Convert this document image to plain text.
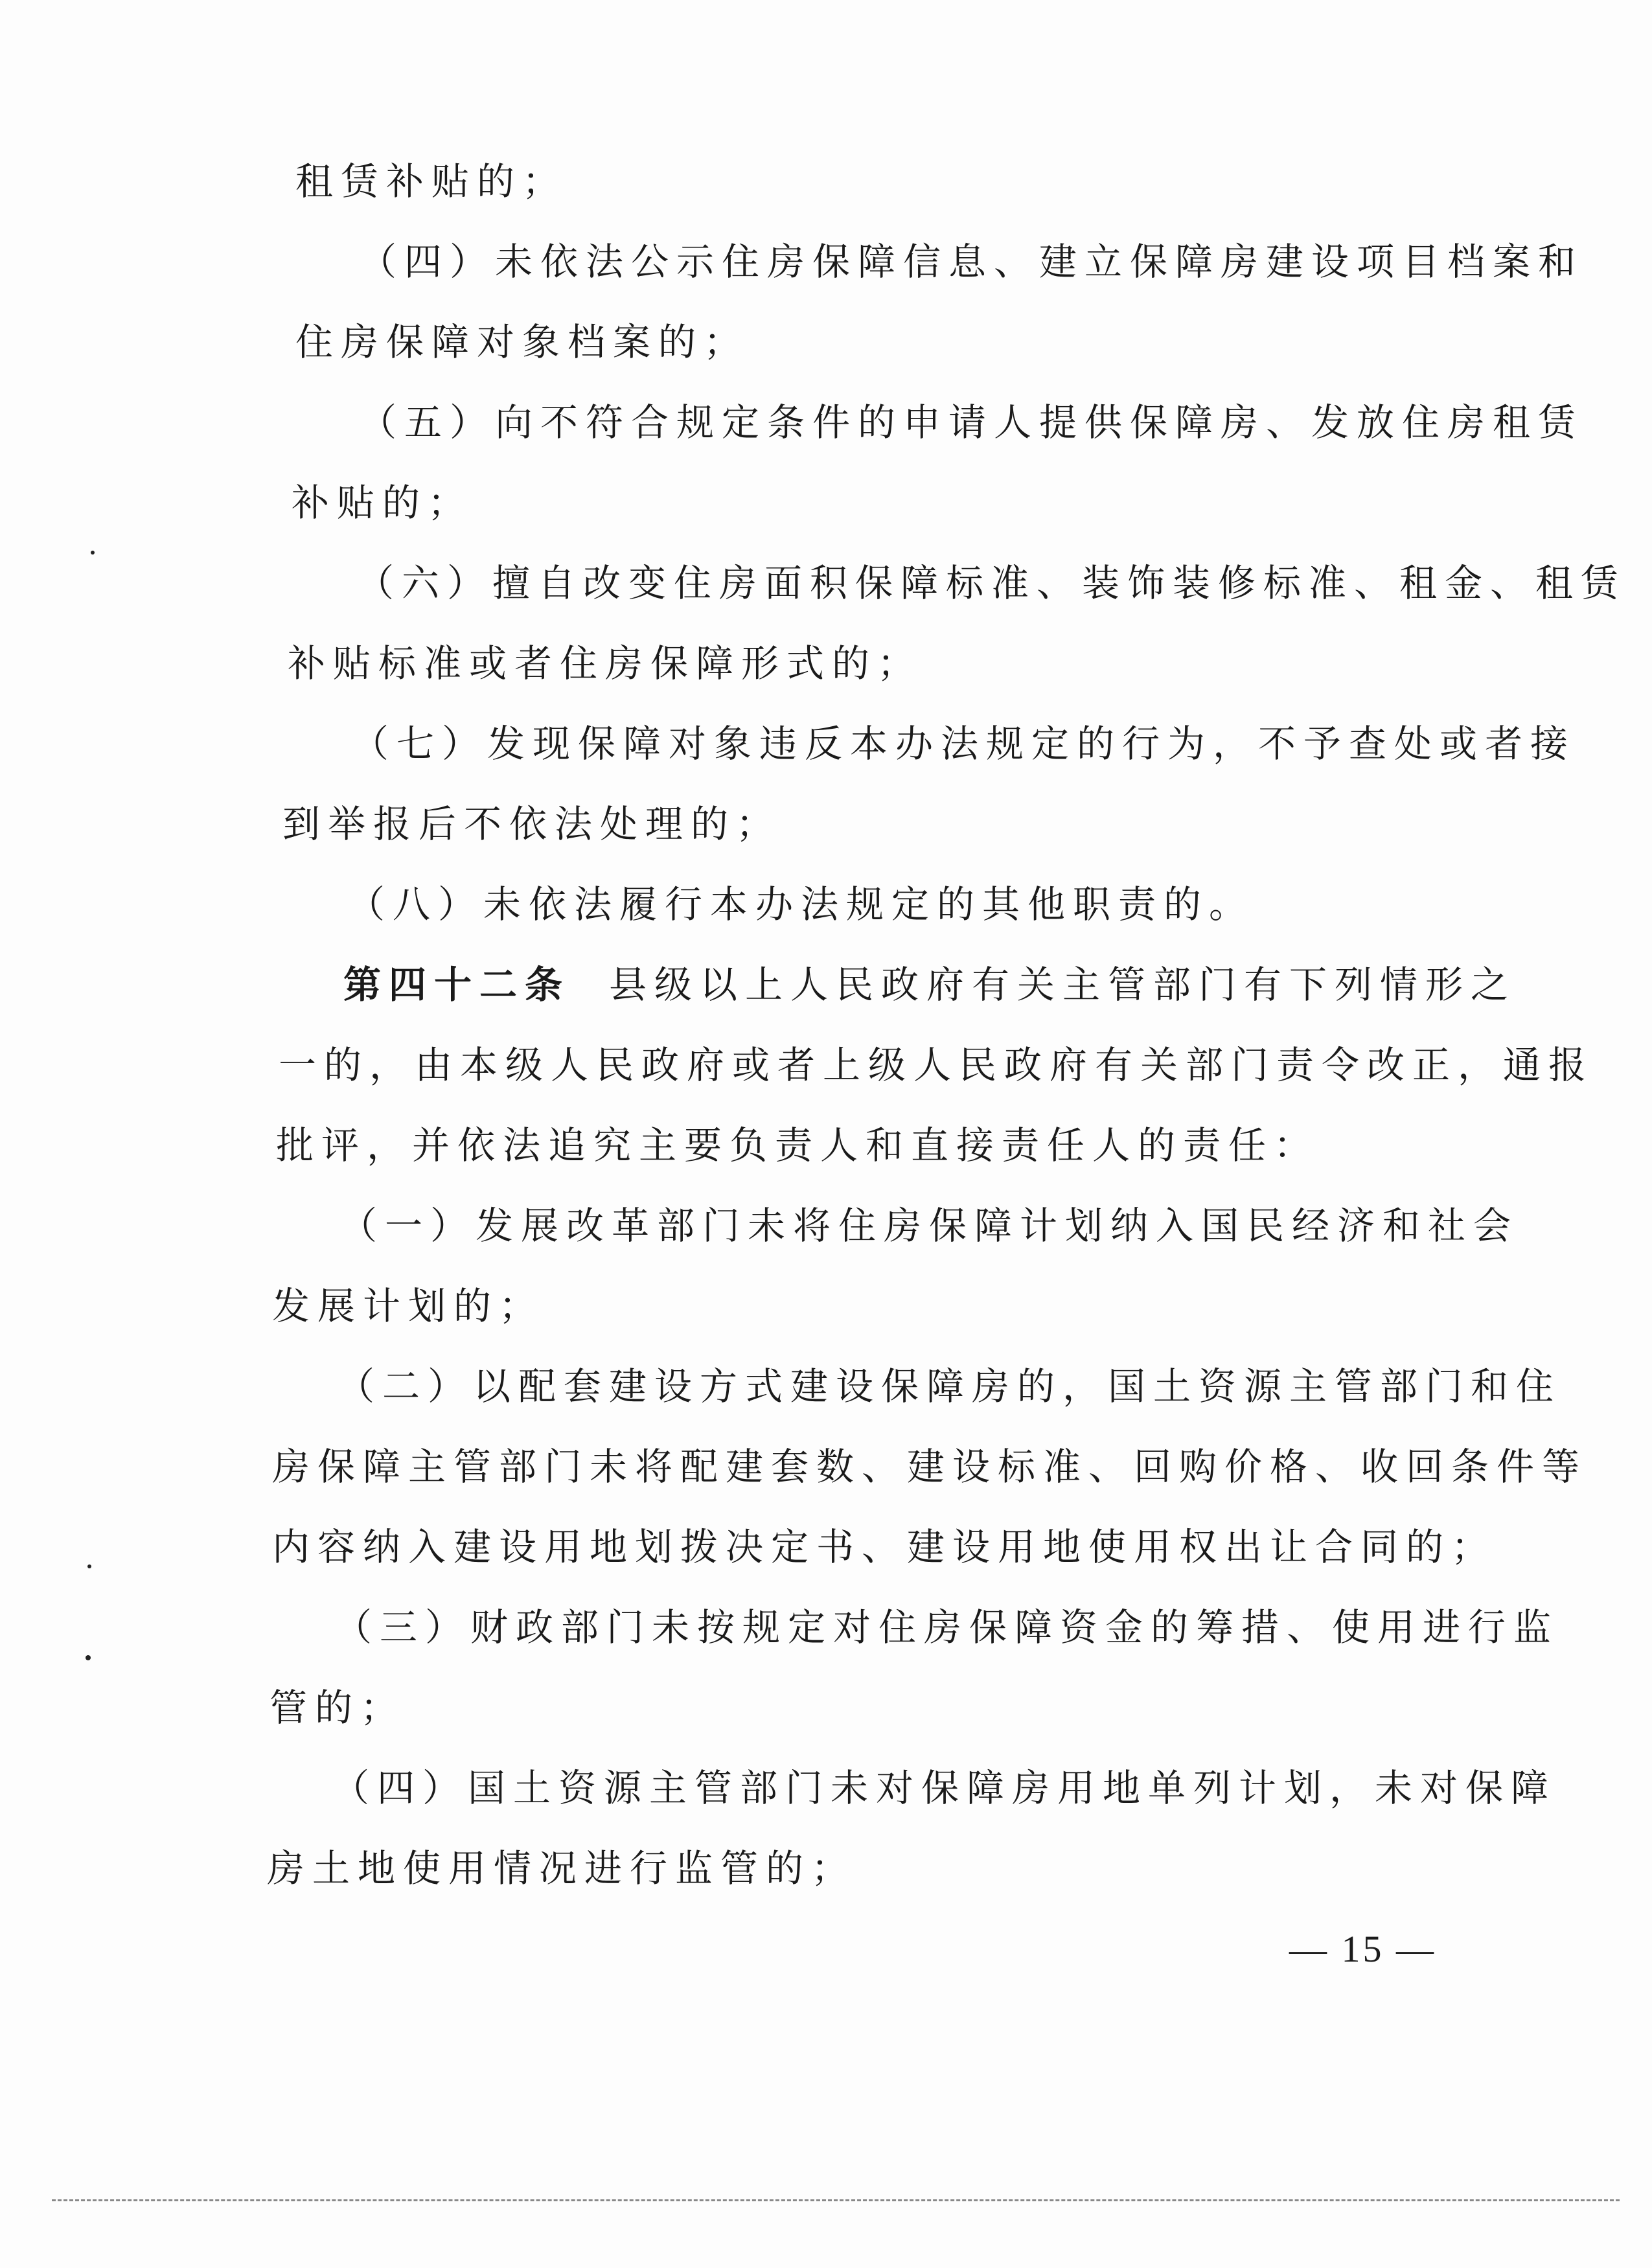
租赁补贴的；
（四）未依法公示住房保障信息、建立保障房建设项目档案和
住房保障对象档案的；
（五）向不符合规定条件的申请人提供保障房、发放住房租赁
补贴的；
（六）擅自改变住房面积保障标准、装饰装修标准、租金、租赁
补贴标准或者住房保障形式的；
（七）发现保障对象违反本办法规定的行为，不予查处或者接
到举报后不依法处理的；
（八）未依法履行本办法规定的其他职责的。
第四十二条 县级以上人民政府有关主管部门有下列情形之
一的，由本级人民政府或者上级人民政府有关部门责令改正，通报
批评，并依法追究主要负责人和直接责任人的责任：
（一）发展改革部门未将住房保障计划纳入国民经济和社会
发展计划的；
（二）以配套建设方式建设保障房的，国土资源主管部门和住
房保障主管部门未将配建套数、建设标准、回购价格、收回条件等
内容纳入建设用地划拨决定书、建设用地使用权出让合同的；
（三）财政部门未按规定对住房保障资金的筹措、使用进行监
管的；
（四）国土资源主管部门未对保障房用地单列计划，未对保障
房土地使用情况进行监管的；
— 15 —
